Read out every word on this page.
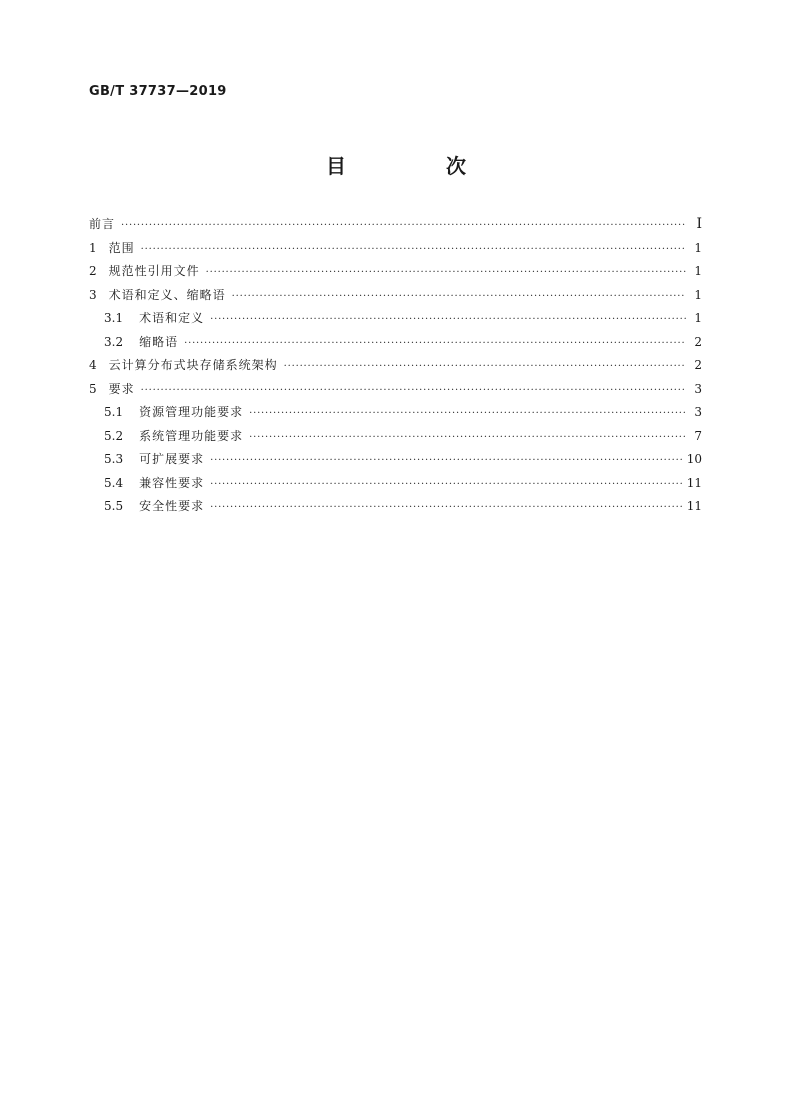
GB/T 37737—2019
目　次
前言 ·····	Ⅰ
1 范围 ·····	1
2 规范性引用文件 ·····	1
3 术语和定义、缩略语 ·····	1
3.1 术语和定义 ·····	1
3.2 缩略语 ·····	2
4 云计算分布式块存储系统架构 ·····	2
5 要求 ·····	3
5.1 资源管理功能要求 ·····	3
5.2 系统管理功能要求 ·····	7
5.3 可扩展要求 ·····	10
5.4 兼容性要求 ·····	11
5.5 安全性要求 ·····	11
